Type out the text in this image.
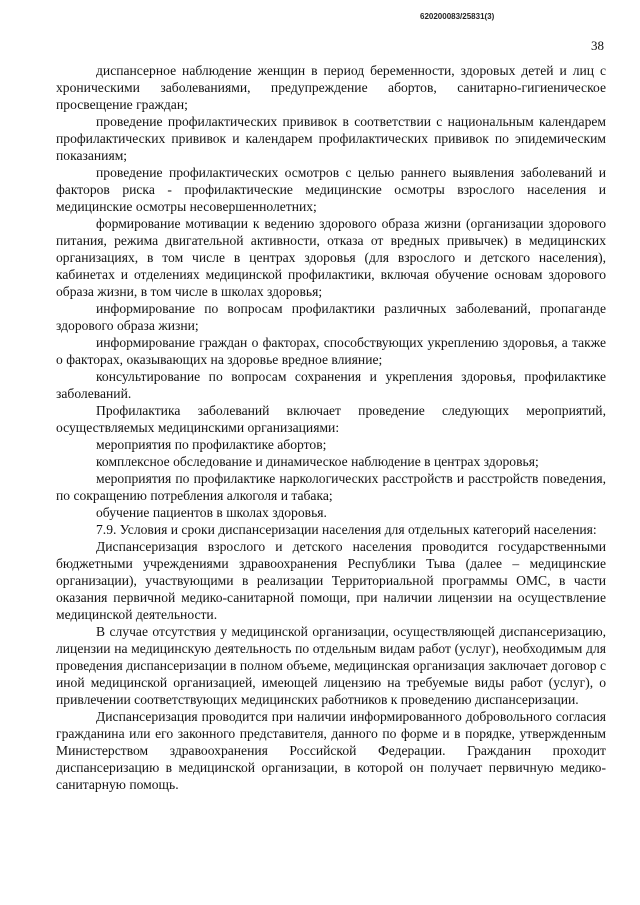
620200083/25831(3)
38

диспансерное наблюдение женщин в период беременности, здоровых детей и лиц с хроническими заболеваниями, предупреждение абортов, санитарно-гигиеническое просвещение граждан;

проведение профилактических прививок в соответствии с национальным календарем профилактических прививок и календарем профилактических прививок по эпидемическим показаниям;

проведение профилактических осмотров с целью раннего выявления заболеваний и факторов риска - профилактические медицинские осмотры взрослого населения и медицинские осмотры несовершеннолетних;

формирование мотивации к ведению здорового образа жизни (организации здорового питания, режима двигательной активности, отказа от вредных привычек) в медицинских организациях, в том числе в центрах здоровья (для взрослого и детского населения), кабинетах и отделениях медицинской профилактики, включая обучение основам здорового образа жизни, в том числе в школах здоровья;

информирование по вопросам профилактики различных заболеваний, пропаганде здорового образа жизни;

информирование граждан о факторах, способствующих укреплению здоровья, а также о факторах, оказывающих на здоровье вредное влияние;

консультирование по вопросам сохранения и укрепления здоровья, профилактике заболеваний.

Профилактика заболеваний включает проведение следующих мероприятий, осуществляемых медицинскими организациями:

мероприятия по профилактике абортов;

комплексное обследование и динамическое наблюдение в центрах здоровья;

мероприятия по профилактике наркологических расстройств и расстройств поведения, по сокращению потребления алкоголя и табака;

обучение пациентов в школах здоровья.

7.9. Условия и сроки диспансеризации населения для отдельных категорий населения:

Диспансеризация взрослого и детского населения проводится государственными бюджетными учреждениями здравоохранения Республики Тыва (далее – медицинские организации), участвующими в реализации Территориальной программы ОМС, в части оказания первичной медико-санитарной помощи, при наличии лицензии на осуществление медицинской деятельности.

В случае отсутствия у медицинской организации, осуществляющей диспансеризацию, лицензии на медицинскую деятельность по отдельным видам работ (услуг), необходимым для проведения диспансеризации в полном объеме, медицинская организация заключает договор с иной медицинской организацией, имеющей лицензию на требуемые виды работ (услуг), о привлечении соответствующих медицинских работников к проведению диспансеризации.

Диспансеризация проводится при наличии информированного добровольного согласия гражданина или его законного представителя, данного по форме и в порядке, утвержденным Министерством здравоохранения Российской Федерации. Гражданин проходит диспансеризацию в медицинской организации, в которой он получает первичную медико-санитарную помощь.
